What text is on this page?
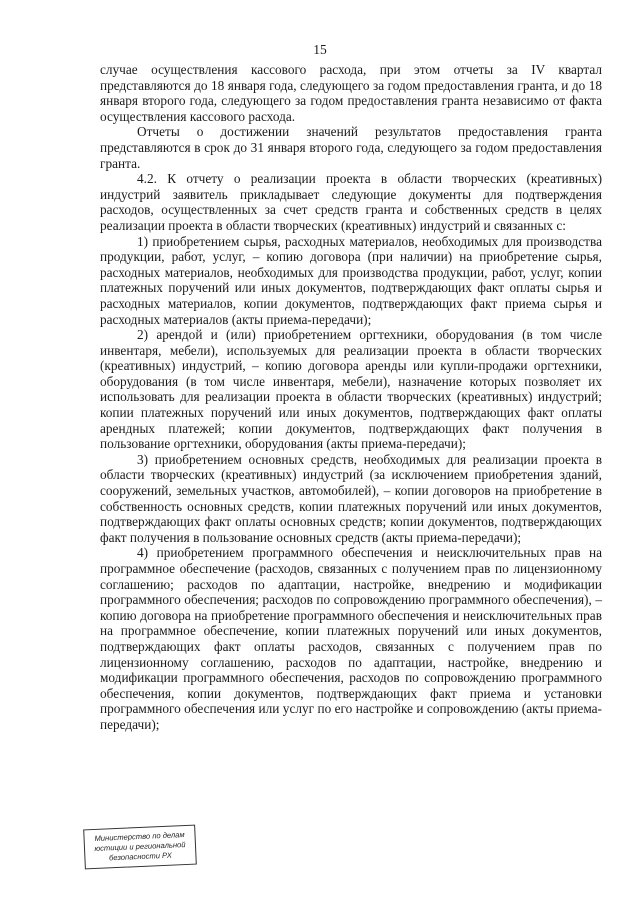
15

случае осуществления кассового расхода, при этом отчеты за IV квартал представляются до 18 января года, следующего за годом предоставления гранта, и до 18 января второго года, следующего за годом предоставления гранта независимо от факта осуществления кассового расхода.

Отчеты о достижении значений результатов предоставления гранта представляются в срок до 31 января второго года, следующего за годом предоставления гранта.

4.2. К отчету о реализации проекта в области творческих (креативных) индустрий заявитель прикладывает следующие документы для подтверждения расходов, осуществленных за счет средств гранта и собственных средств в целях реализации проекта в области творческих (креативных) индустрий и связанных с:

1) приобретением сырья, расходных материалов, необходимых для производства продукции, работ, услуг, – копию договора (при наличии) на приобретение сырья, расходных материалов, необходимых для производства продукции, работ, услуг, копии платежных поручений или иных документов, подтверждающих факт оплаты сырья и расходных материалов, копии документов, подтверждающих факт приема сырья и расходных материалов (акты приема-передачи);

2) арендой и (или) приобретением оргтехники, оборудования (в том числе инвентаря, мебели), используемых для реализации проекта в области творческих (креативных) индустрий, – копию договора аренды или купли-продажи оргтехники, оборудования (в том числе инвентаря, мебели), назначение которых позволяет их использовать для реализации проекта в области творческих (креативных) индустрий; копии платежных поручений или иных документов, подтверждающих факт оплаты арендных платежей; копии документов, подтверждающих факт получения в пользование оргтехники, оборудования (акты приема-передачи);

3) приобретением основных средств, необходимых для реализации проекта в области творческих (креативных) индустрий (за исключением приобретения зданий, сооружений, земельных участков, автомобилей), – копии договоров на приобретение в собственность основных средств, копии платежных поручений или иных документов, подтверждающих факт оплаты основных средств; копии документов, подтверждающих факт получения в пользование основных средств (акты приема-передачи);

4) приобретением программного обеспечения и неисключительных прав на программное обеспечение (расходов, связанных с получением прав по лицензионному соглашению; расходов по адаптации, настройке, внедрению и модификации программного обеспечения; расходов по сопровождению программного обеспечения), – копию договора на приобретение программного обеспечения и неисключительных прав на программное обеспечение, копии платежных поручений или иных документов, подтверждающих факт оплаты расходов, связанных с получением прав по лицензионному соглашению, расходов по адаптации, настройке, внедрению и модификации программного обеспечения, расходов по сопровождению программного обеспечения, копии документов, подтверждающих факт приема и установки программного обеспечения или услуг по его настройке и сопровождению (акты приема-передачи);

Министерство по делам
юстиции и региональной
безопасности РХ
